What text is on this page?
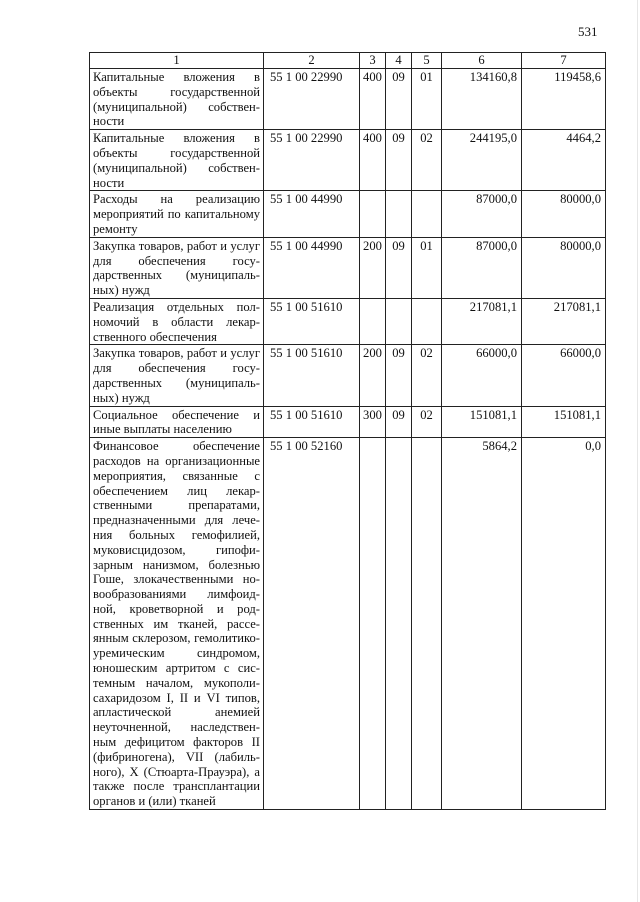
531
1	2	3	4	5	6	7
Капитальные вложения в объекты государственной (муниципальной) собственности	55 1 00 22990	400	09	01	134160,8	119458,6
Капитальные вложения в объекты государственной (муниципальной) собственности	55 1 00 22990	400	09	02	244195,0	4464,2
Расходы на реализацию мероприятий по капитальному ремонту	55 1 00 44990				87000,0	80000,0
Закупка товаров, работ и услуг для обеспечения государственных (муниципальных) нужд	55 1 00 44990	200	09	01	87000,0	80000,0
Реализация отдельных полномочий в области лекарственного обеспечения	55 1 00 51610				217081,1	217081,1
Закупка товаров, работ и услуг для обеспечения государственных (муниципальных) нужд	55 1 00 51610	200	09	02	66000,0	66000,0
Социальное обеспечение и иные выплаты населению	55 1 00 51610	300	09	02	151081,1	151081,1
Финансовое обеспечение расходов на организационные мероприятия, связанные с обеспечением лиц лекарственными препаратами, предназначенными для лечения больных гемофилией, муковисцидозом, гипофизарным нанизмом, болезнью Гоше, злокачественными новообразованиями лимфоидной, кроветворной и родственных им тканей, рассеянным склерозом, гемолитико-уремическим синдромом, юношеским артритом с системным началом, мукополисахаридозом I, II и VI типов, апластической анемией неуточненной, наследственным дефицитом факторов II (фибриногена), VII (лабильного), X (Стюарта-Прауэра), а также после трансплантации органов и (или) тканей	55 1 00 52160				5864,2	0,0
